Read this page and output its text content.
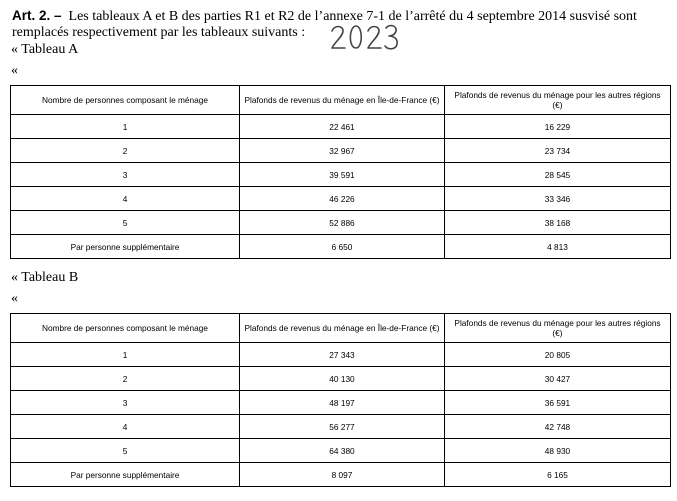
Art. 2. – Les tableaux A et B des parties R1 et R2 de l’annexe 7-1 de l’arrêté du 4 septembre 2014 susvisé sont
remplacés respectivement par les tableaux suivants :
« Tableau A
«
Nombre de personnes composant le ménage	Plafonds de revenus du ménage en Île-de-France (€)	Plafonds de revenus du ménage pour les autres régions (€)
1	22 461	16 229
2	32 967	23 734
3	39 591	28 545
4	46 226	33 346
5	52 886	38 168
Par personne supplémentaire	6 650	4 813
« Tableau B
«
Nombre de personnes composant le ménage	Plafonds de revenus du ménage en Île-de-France (€)	Plafonds de revenus du ménage pour les autres régions (€)
1	27 343	20 805
2	40 130	30 427
3	48 197	36 591
4	56 277	42 748
5	64 380	48 930
Par personne supplémentaire	8 097	6 165
